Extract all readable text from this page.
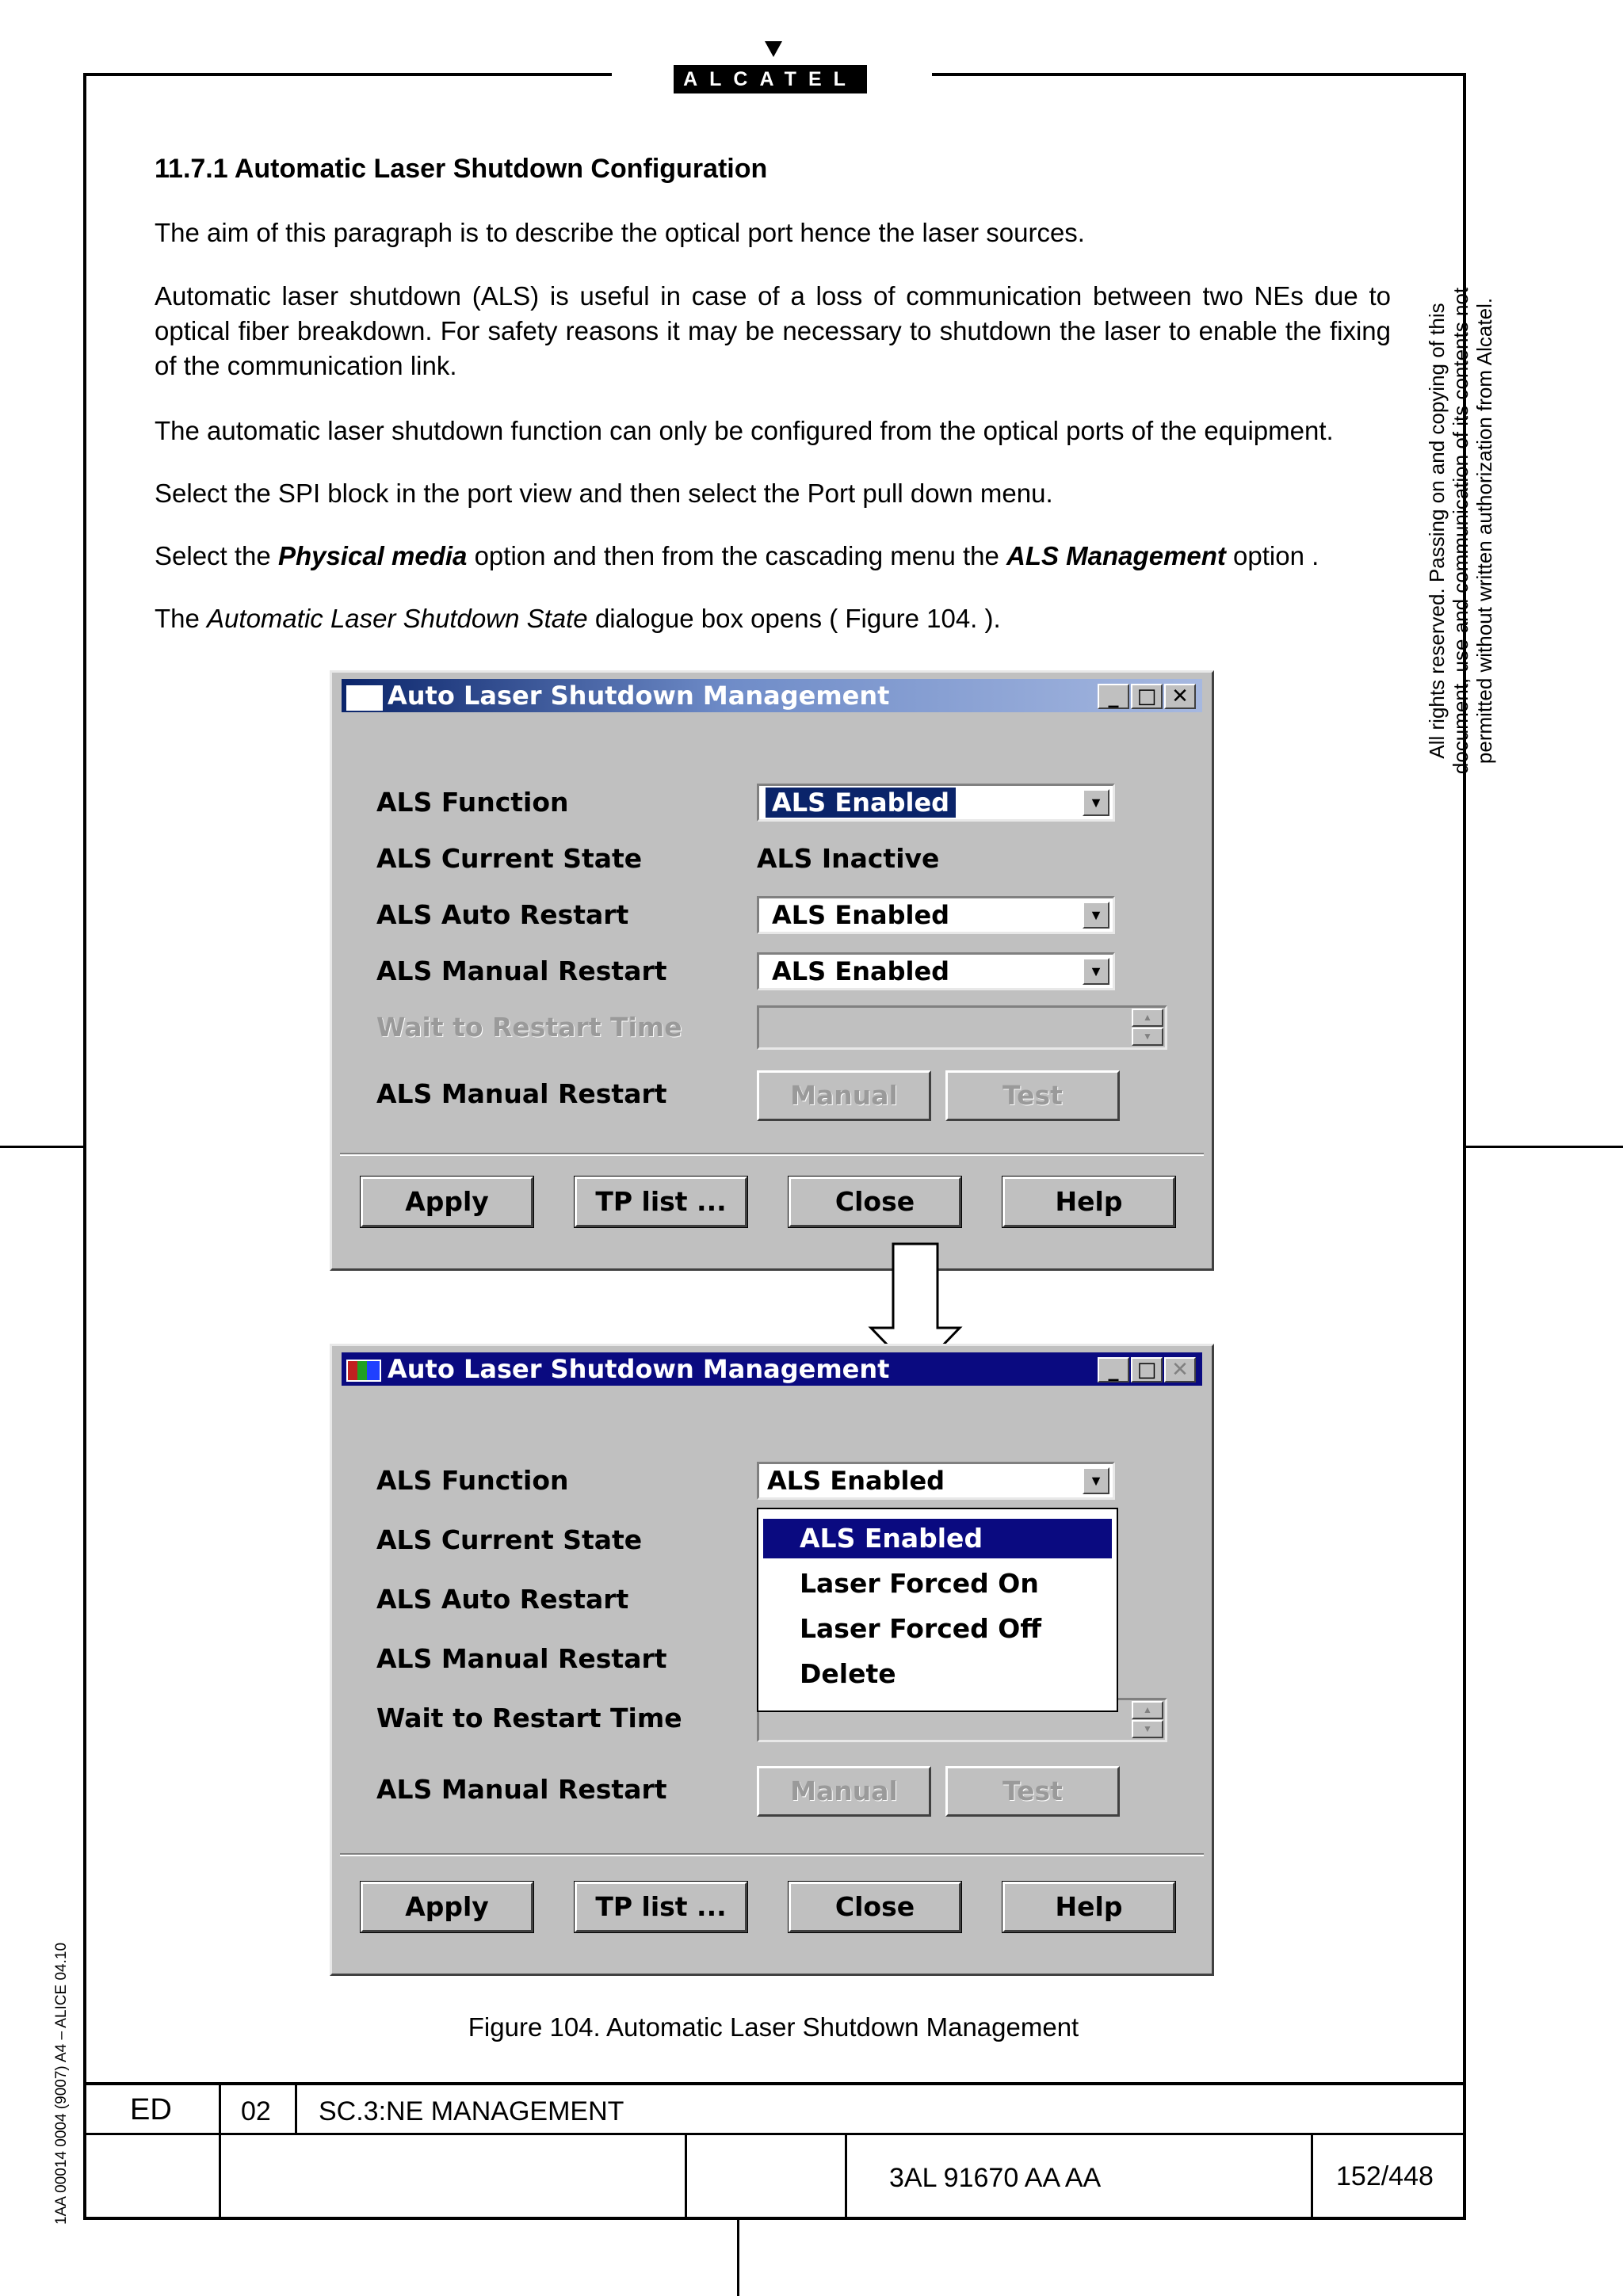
ALCATEL
11.7.1 Automatic Laser Shutdown Configuration
The aim of this paragraph is to describe the optical port hence the laser sources.
Automatic laser shutdown (ALS) is useful in case of a loss of communication between two NEs due to optical fiber breakdown. For safety reasons it may be necessary to shutdown the laser to enable the fixing of the communication link.
The automatic laser shutdown function can only be configured from the optical ports of the equipment.
Select the SPI block in the port view and then select the Port pull down menu.
Select the Physical media option and then from the cascading menu the ALS Management option .
The Automatic Laser Shutdown State dialogue box opens ( Figure 104. ).	All rights reserved. Passing on and copying of this document, use and communication of its contents not permitted without written authorization from Alcatel.
1AA 00014 0004 (9007) A4 – ALICE 04.10
Auto Laser Shutdown Management	_ □ ✕
ALS Function	ALS Enabled	▼
ALS Current State	ALS Inactive
ALS Auto Restart	ALS Enabled	▼
ALS Manual Restart	ALS Enabled	▼
Wait to Restart Time	▲
▼
ALS Manual Restart	Manual	Test
Apply	TP list ...	Close	Help
Auto Laser Shutdown Management	_ □ ✕
ALS Function	ALS Enabled	▼
ALS Current State
ALS Auto Restart
ALS Manual Restart
Wait to Restart Time	▲
▼
ALS Manual Restart	Manual	Test
Apply	TP list ...	Close	Help
ALS Enabled
Laser Forced On
Laser Forced Off
Delete
Figure 104. Automatic Laser Shutdown Management
ED	02 SC.3:NE MANAGEMENT
3AL 91670 AA AA	152/448
